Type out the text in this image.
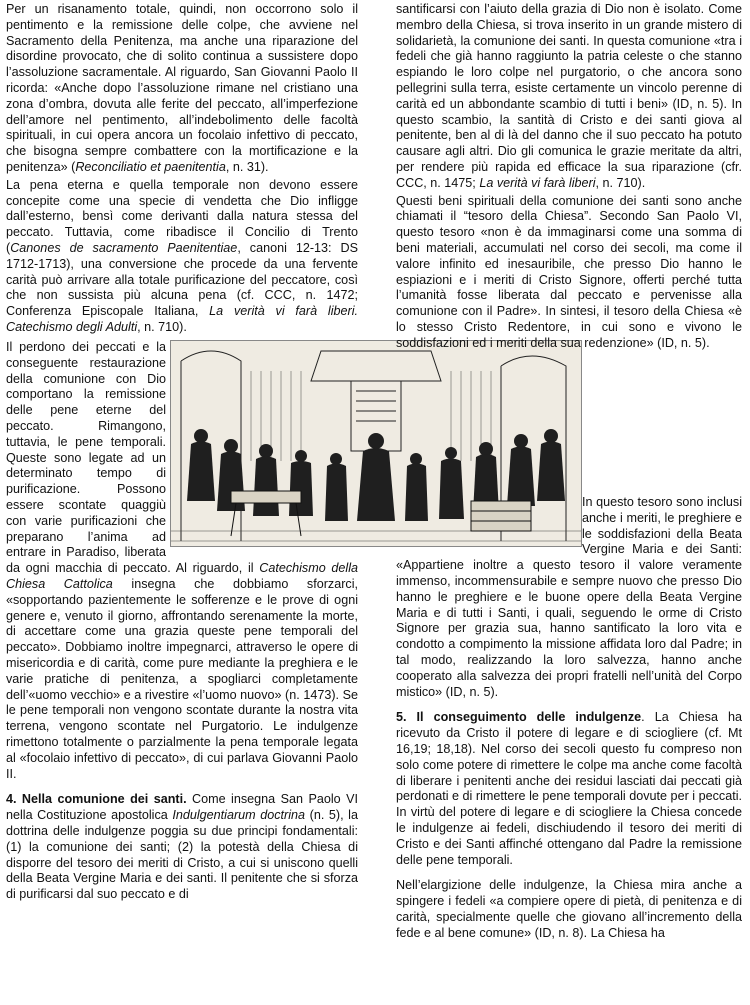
Per un risanamento totale, quindi, non occorrono solo il pentimento e la remissione delle colpe, che avviene nel Sacramento della Penitenza, ma anche una riparazione del disordine provocato, che di solito continua a sussistere dopo l’assoluzione sacramentale. Al riguardo, San Giovanni Paolo II ricorda: «Anche dopo l’assoluzione rimane nel cristiano una zona d’ombra, dovuta alle ferite del peccato, all’imperfezione dell’amore nel pentimento, all’indebolimento delle facoltà spirituali, in cui opera ancora un focolaio infettivo di peccato, che bisogna sempre combattere con la mortificazione e la penitenza» (Reconciliatio et paenitentia, n. 31).

La pena eterna e quella temporale non devono essere concepite come una specie di vendetta che Dio infligge dall’esterno, bensì come derivanti dalla natura stessa del peccato. Tuttavia, come ribadisce il Concilio di Trento (Canones de sacramento Paenitentiae, canoni 12-13: DS 1712-1713), una conversione che procede da una fervente carità può arrivare alla totale purificazione del peccatore, così che non sussista più alcuna pena (cf. CCC, n. 1472; Conferenza Episcopale Italiana, La verità vi farà liberi. Catechismo degli Adulti, n. 710).

Il perdono dei peccati e la conseguente restaurazione della comunione con Dio comportano la remissione delle pene eterne del peccato. Rimangono, tuttavia, le pene temporali. Queste sono legate ad un determinato tempo di purificazione. Possono essere scontate quaggiù con varie purificazioni che preparano l’anima ad entrare in Paradiso, liberata da ogni macchia di peccato. Al riguardo, il Catechismo della Chiesa Cattolica insegna che dobbiamo sforzarci, «sopportando pazientemente le sofferenze e le prove di ogni genere e, venuto il giorno, affrontando serenamente la morte, di accettare come una grazia queste pene temporali del peccato». Dobbiamo inoltre impegnarci, attraverso le opere di misericordia e di carità, come pure mediante la preghiera e le varie pratiche di penitenza, a spogliarci completamente dell’«uomo vecchio» e a rivestire «l’uomo nuovo» (n. 1473). Se le pene temporali non vengono scontate durante la nostra vita terrena, vengono scontate nel Purgatorio. Le indulgenze rimettono totalmente o parzialmente la pena temporale legata al «focolaio infettivo di peccato», di cui parlava Giovanni Paolo II.

4. Nella comunione dei santi. Come insegna San Paolo VI nella Costituzione apostolica Indulgentiarum doctrina (n. 5), la dottrina delle indulgenze poggia su due principi fondamentali: (1) la comunione dei santi; (2) la potestà della Chiesa di disporre del tesoro dei meriti di Cristo, a cui si uniscono quelli della Beata Vergine Maria e dei santi. Il penitente che si sforza di purificarsi dal suo peccato e di

santificarsi con l’aiuto della grazia di Dio non è isolato. Come membro della Chiesa, si trova inserito in un grande mistero di solidarietà, la comunione dei santi. In questa comunione «tra i fedeli che già hanno raggiunto la patria celeste o che stanno espiando le loro colpe nel purgatorio, o che ancora sono pellegrini sulla terra, esiste certamente un vincolo perenne di carità ed un abbondante scambio di tutti i beni» (ID, n. 5). In questo scambio, la santità di Cristo e dei santi giova al penitente, ben al di là del danno che il suo peccato ha potuto causare agli altri. Dio gli comunica le grazie meritate da altri, per rendere più rapida ed efficace la sua riparazione (cfr. CCC, n. 1475; La verità vi farà liberi, n. 710).

Questi beni spirituali della comunione dei santi sono anche chiamati il “tesoro della Chiesa”. Secondo San Paolo VI, questo tesoro «non è da immaginarsi come una somma di beni materiali, accumulati nel corso dei secoli, ma come il valore infinito ed inesauribile, che presso Dio hanno le espiazioni e i meriti di Cristo Signore, offerti perché tutta l’umanità fosse liberata dal peccato e pervenisse alla comunione con il Padre». In sintesi, il tesoro della Chiesa «è lo stesso Cristo Redentore, in cui sono e vivono le soddisfazioni ed i meriti della sua redenzione» (ID, n. 5).

In questo tesoro sono inclusi anche i meriti, le preghiere e le soddisfazioni della Beata Vergine Maria e dei Santi: «Appartiene inoltre a questo tesoro il valore veramente immenso, incommensurabile e sempre nuovo che presso Dio hanno le preghiere e le buone opere della Beata Vergine Maria e di tutti i Santi, i quali, seguendo le orme di Cristo Signore per grazia sua, hanno santificato la loro vita e condotto a compimento la missione affidata loro dal Padre; in tal modo, realizzando la loro salvezza, hanno anche cooperato alla salvezza dei propri fratelli nell’unità del Corpo mistico» (ID, n. 5).

5. Il conseguimento delle indulgenze. La Chiesa ha ricevuto da Cristo il potere di legare e di sciogliere (cf. Mt 16,19; 18,18). Nel corso dei secoli questo fu compreso non solo come potere di rimettere le colpe ma anche come facoltà di liberare i penitenti anche dei residui lasciati dai peccati già perdonati e di rimettere le pene temporali dovute per i peccati. In virtù del potere di legare e di sciogliere la Chiesa concede le indulgenze ai fedeli, dischiudendo il tesoro dei meriti di Cristo e dei Santi affinché ottengano dal Padre la remissione delle pene temporali.

Nell’elargizione delle indulgenze, la Chiesa mira anche a spingere i fedeli «a compiere opere di pietà, di penitenza e di carità, specialmente quelle che giovano all’incremento della fede e al bene comune» (ID, n. 8). La Chiesa ha
